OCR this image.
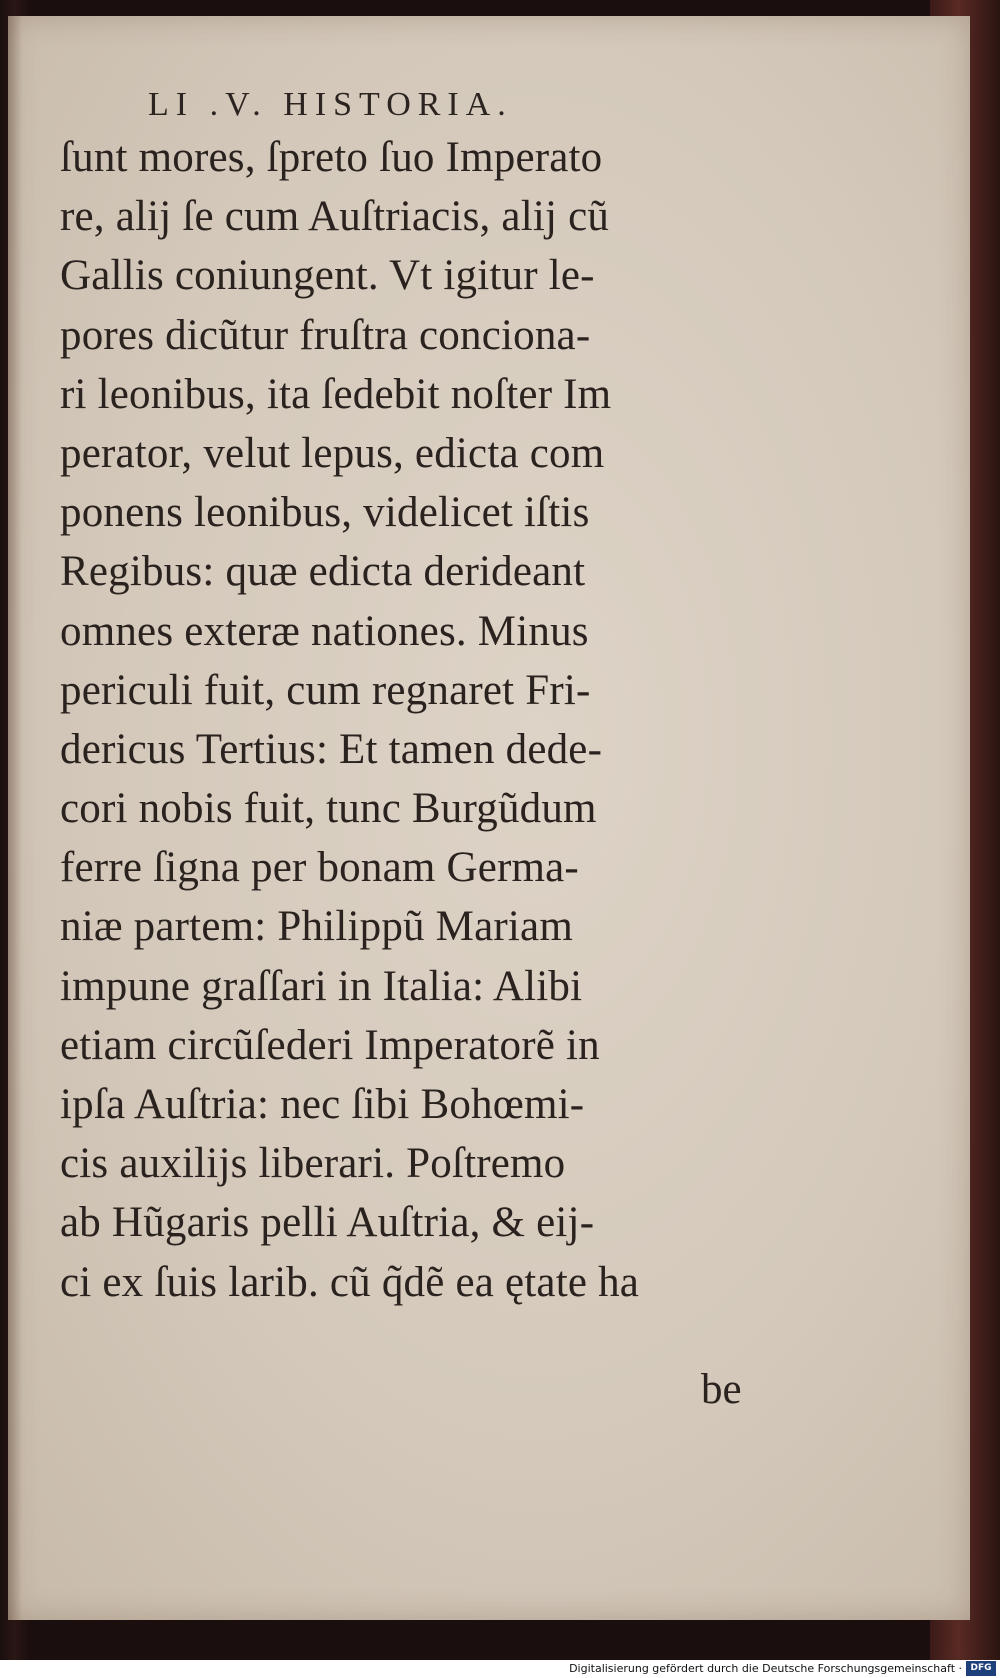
LI .V. HISTORIA.
ſunt mores, ſpreto ſuo Imperato
re, alij ſe cum Auſtriacis, alij cũ
Gallis coniungent. Vt igitur le-
pores dicũtur fruſtra conciona-
ri leonibus, ita ſedebit noſter Im
perator, velut lepus, edicta com
ponens leonibus, videlicet iſtis
Regibus: quæ edicta derideant
omnes exteræ nationes. Minus
periculi fuit, cum regnaret Fri-
dericus Tertius: Et tamen dede-
cori nobis fuit, tunc Burgũdum
ferre ſigna per bonam Germa-
niæ partem: Philippũ Mariam
impune graſſari in Italia: Alibi
etiam circũſederi Imperatorẽ in
ipſa Auſtria: nec ſibi Bohœmi-
cis auxilijs liberari. Poſtremo
ab Hũgaris pelli Auſtria, & eij-
ci ex ſuis larib. cũ q̃dẽ ea ętate ha
be
Digitalisierung gefördert durch die Deutsche Forschungsgemeinschaft · DFG
